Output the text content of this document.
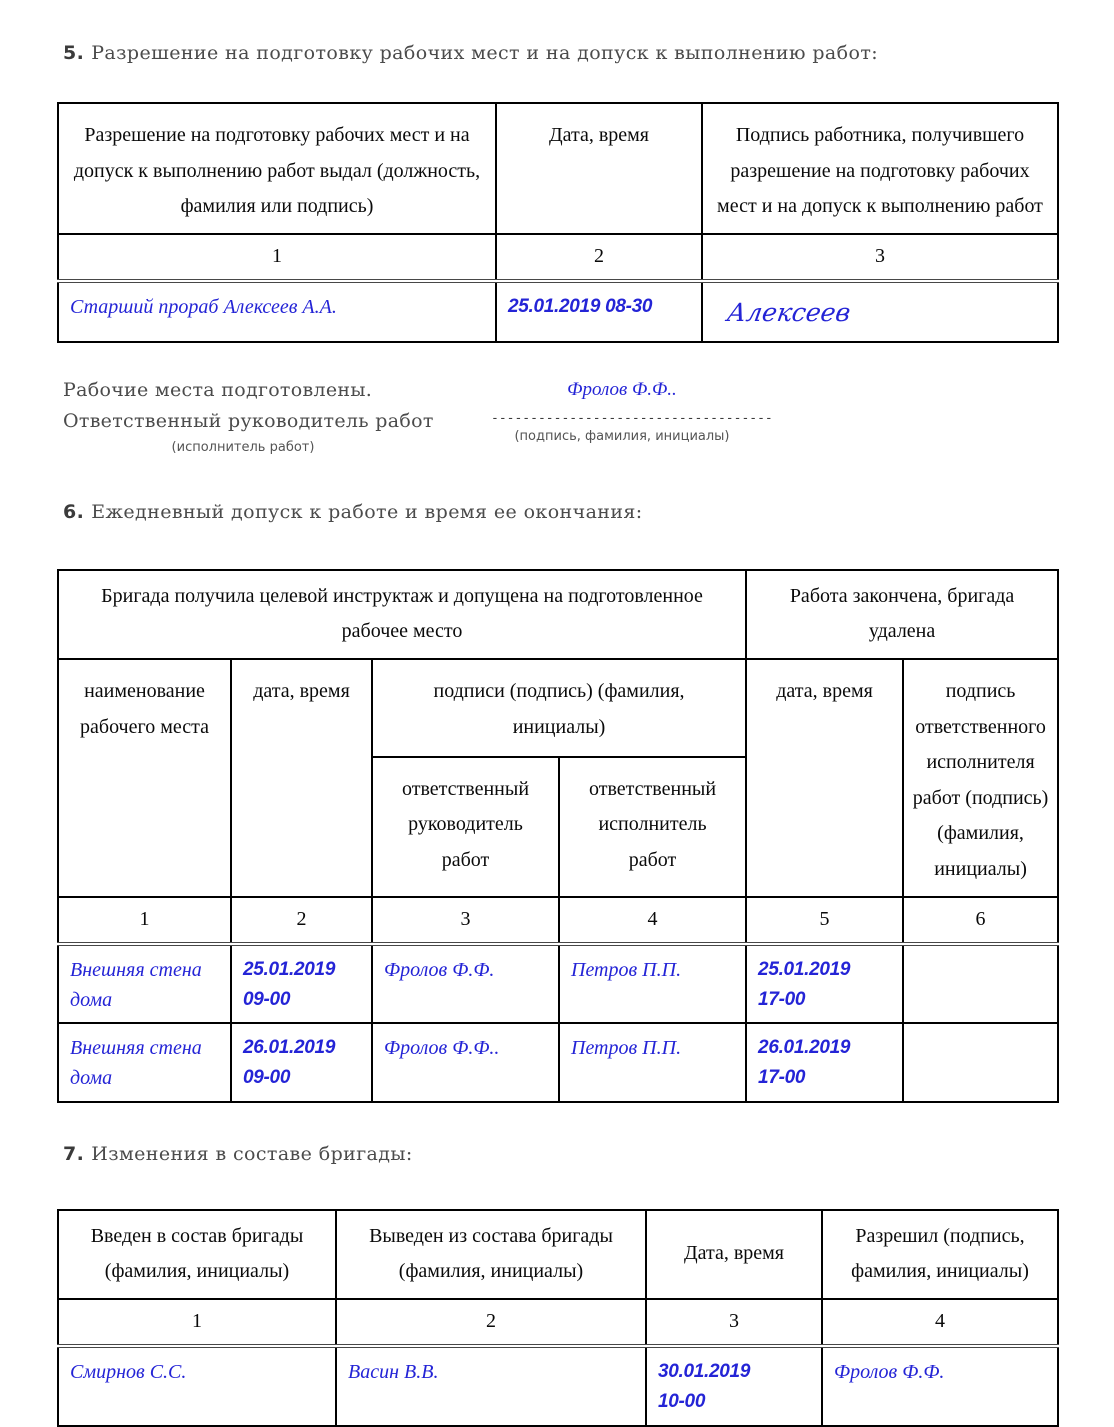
5. Разрешение на подготовку рабочих мест и на допуск к выполнению работ:

Разрешение на подготовку рабочих мест и на допуск к выполнению работ выдал (должность, фамилия или подпись)	Дата, время	Подпись работника, получившего разрешение на подготовку рабочих мест и на допуск к выполнению работ
1	2	3
Старший прораб Алексеев А.А.	25.01.2019 08-30	Алексеев
Рабочие места подготовлены.
Ответственный руководитель работ
(исполнитель работ)
Фролов Ф.Ф..
------------------------------------
(подпись, фамилия, инициалы)

6. Ежедневный допуск к работе и время ее окончания:

Бригада получила целевой инструктаж и допущена на подготовленное рабочее место				Работа закончена, бригада удалена	
наименование рабочего места	дата, время	подписи (подпись) (фамилия, инициалы)		дата, время	подпись ответственного исполнителя работ (подпись) (фамилия, инициалы)
		ответственный руководитель работ	ответственный исполнитель работ		
1	2	3	4	5	6
Внешняя стена дома	25.01.2019 09-00	Фролов Ф.Ф.	Петров П.П.	25.01.2019 17-00	
Внешняя стена дома	26.01.2019 09-00	Фролов Ф.Ф..	Петров П.П.	26.01.2019 17-00	

7. Изменения в составе бригады:

Введен в состав бригады (фамилия, инициалы)	Выведен из состава бригады (фамилия, инициалы)	Дата, время	Разрешил (подпись, фамилия, инициалы)
1	2	3	4
Смирнов С.С.	Васин В.В.	30.01.2019 10-00	Фролов Ф.Ф.
